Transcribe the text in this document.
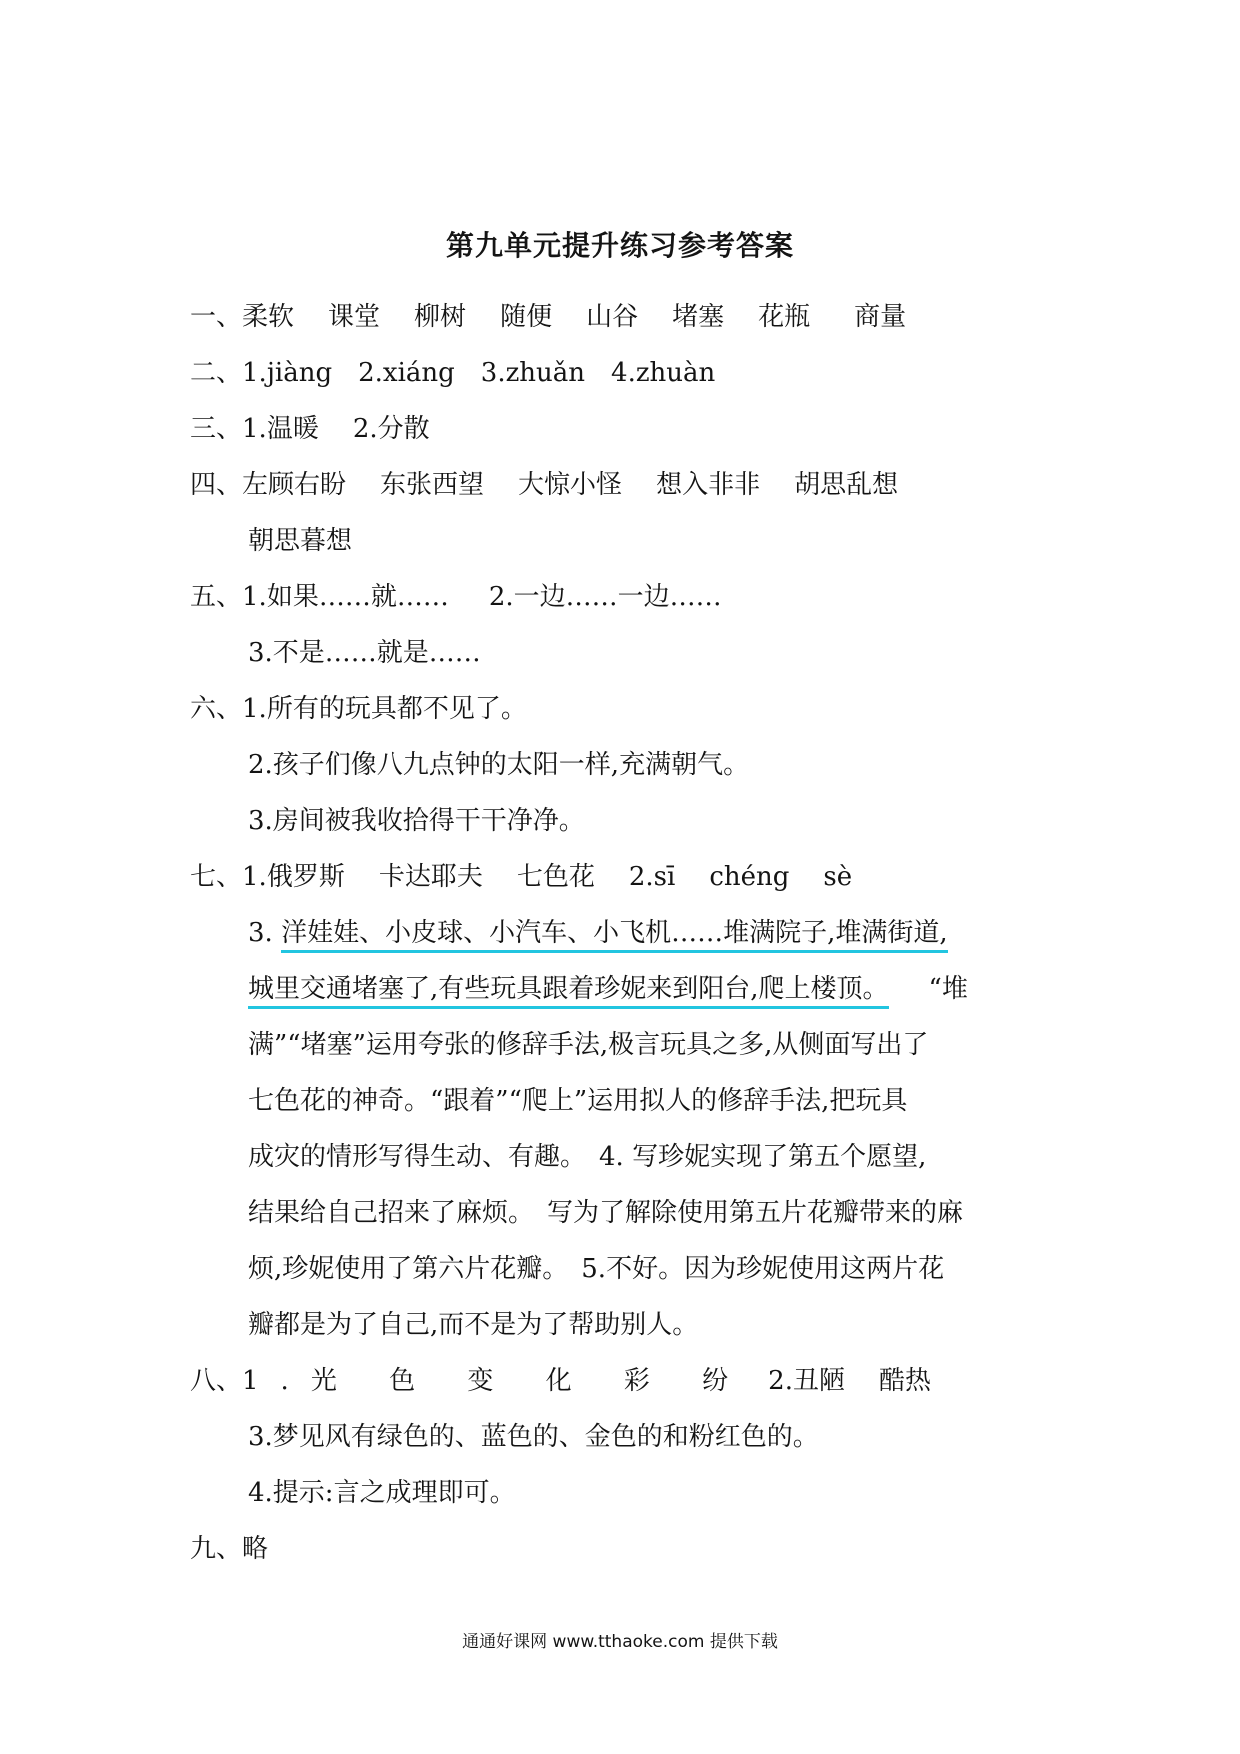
第九单元提升练习参考答案
一、柔软 课堂 柳树 随便 山谷 堵塞 花瓶 商量
二、1.jiàng 2.xiáng 3.zhuǎn 4.zhuàn
三、1.温暖 2.分散
四、左顾右盼 东张西望 大惊小怪 想入非非 胡思乱想
朝思暮想
五、1.如果……就…… 2.一边……一边……
3.不是……就是……
六、1.所有的玩具都不见了。
2.孩子们像八九点钟的太阳一样,充满朝气。
3.房间被我收拾得干干净净。
七、1.俄罗斯 卡达耶夫 七色花 2.sī chéng sè
3. 洋娃娃、小皮球、小汽车、小飞机……堆满院子,堆满街道,
城里交通堵塞了,有些玩具跟着珍妮来到阳台,爬上楼顶。 “堆
满”“堵塞”运用夸张的修辞手法,极言玩具之多,从侧面写出了
七色花的神奇。“跟着”“爬上”运用拟人的修辞手法,把玩具
成灾的情形写得生动、有趣。　4. 写珍妮实现了第五个愿望,
结果给自己招来了麻烦。　写为了解除使用第五片花瓣带来的麻
烦,珍妮使用了第六片花瓣。　5.不好。因为珍妮使用这两片花
瓣都是为了自己,而不是为了帮助别人。
八、1.光 色 变 化 彩 纷 2.丑陋 酷热
3.梦见风有绿色的、蓝色的、金色的和粉红色的。
4.提示:言之成理即可。
九、略
通通好课网 www.tthaoke.com 提供下载
